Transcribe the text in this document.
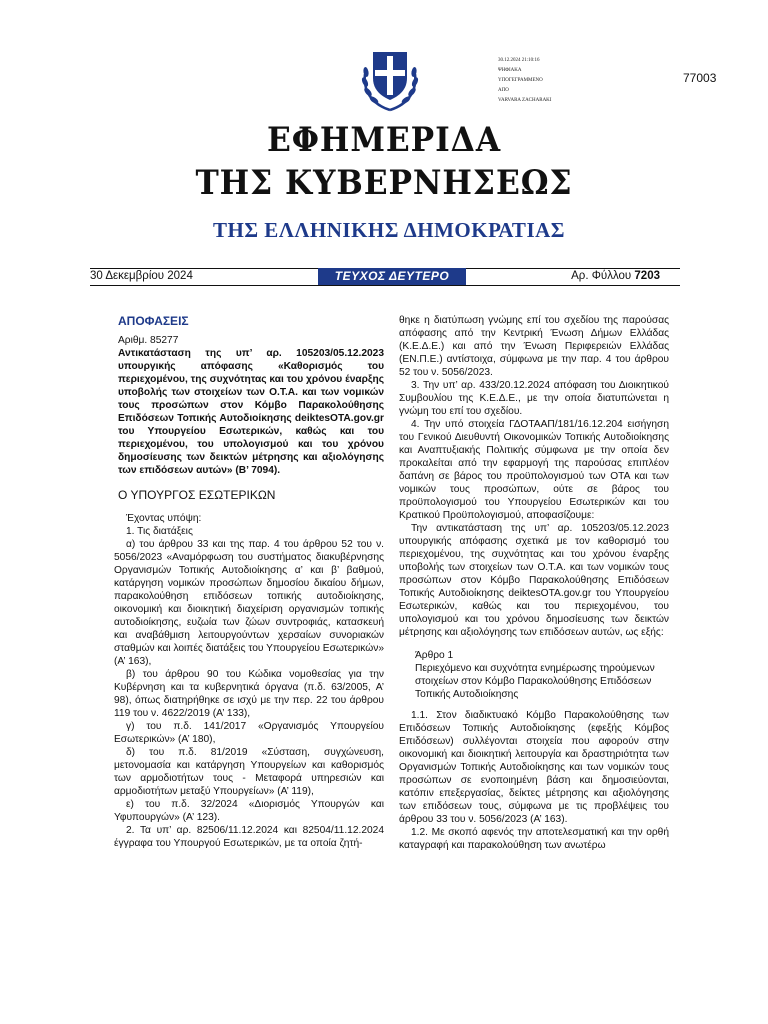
30.12.2024 21:10:16
ΨΗΦΙΑΚΑ
ΥΠΟΓΕΓΡΑΜΜΕΝΟ
ΑΠΟ
VARVARA ZACHARAKI
77003
ΕΦΗΜΕΡΙΔΑ
ΤΗΣ ΚΥΒΕΡΝΗΣΕΩΣ
ΤΗΣ ΕΛΛΗΝΙΚΗΣ ΔΗΜΟΚΡΑΤΙΑΣ
30 Δεκεμβρίου 2024	ΤΕΥΧΟΣ ΔΕΥΤΕΡΟ	Αρ. Φύλλου 7203

ΑΠΟΦΑΣΕΙΣ

Αριθμ. 85277

Αντικατάσταση της υπ’ αρ. 105203/05.12.2023 υπουργικής απόφασης «Καθορισμός του περιεχομένου, της συχνότητας και του χρόνου έναρξης υποβολής των στοιχείων των Ο.Τ.Α. και των νομικών τους προσώπων στον Κόμβο Παρακολούθησης Επιδόσεων Τοπικής Αυτοδιοίκησης deiktesOTA.gov.gr του Υπουργείου Εσωτερικών, καθώς και του περιεχομένου, του υπολογισμού και του χρόνου δημοσίευσης των δεικτών μέτρησης και αξιολόγησης των επιδόσεων αυτών» (Β’ 7094).

Ο ΥΠΟΥΡΓΟΣ ΕΣΩΤΕΡΙΚΩΝ

Έχοντας υπόψη:

1. Τις διατάξεις

α) του άρθρου 33 και της παρ. 4 του άρθρου 52 του ν. 5056/2023 «Αναμόρφωση του συστήματος διακυβέρνησης Οργανισμών Τοπικής Αυτοδιοίκησης α’ και β’ βαθμού, κατάργηση νομικών προσώπων δημοσίου δικαίου δήμων, παρακολούθηση επιδόσεων τοπικής αυτοδιοίκησης, οικονομική και διοικητική διαχείριση οργανισμών τοπικής αυτοδιοίκησης, ευζωία των ζώων συντροφιάς, κατασκευή και αναβάθμιση λειτουργούντων χερσαίων συνοριακών σταθμών και λοιπές διατάξεις του Υπουργείου Εσωτερικών» (Α’ 163),

β) του άρθρου 90 του Κώδικα νομοθεσίας για την Κυβέρνηση και τα κυβερνητικά όργανα (π.δ. 63/2005, Α’ 98), όπως διατηρήθηκε σε ισχύ με την περ. 22 του άρθρου 119 του ν. 4622/2019 (Α’ 133),

γ) του π.δ. 141/2017 «Οργανισμός Υπουργείου Εσωτερικών» (Α’ 180),

δ) του π.δ. 81/2019 «Σύσταση, συγχώνευση, μετονομασία και κατάργηση Υπουργείων και καθορισμός των αρμοδιοτήτων τους - Μεταφορά υπηρεσιών και αρμοδιοτήτων μεταξύ Υπουργείων» (Α’ 119),

ε) του π.δ. 32/2024 «Διορισμός Υπουργών και Υφυπουργών» (Α’ 123).

2. Τα υπ’ αρ. 82506/11.12.2024 και 82504/11.12.2024 έγγραφα του Υπουργού Εσωτερικών, με τα οποία ζητή-

θηκε η διατύπωση γνώμης επί του σχεδίου της παρούσας απόφασης από την Κεντρική Ένωση Δήμων Ελλάδας (Κ.Ε.Δ.Ε.) και από την Ένωση Περιφερειών Ελλάδας (ΕΝ.Π.Ε.) αντίστοιχα, σύμφωνα με την παρ. 4 του άρθρου 52 του ν. 5056/2023.

3. Την υπ’ αρ. 433/20.12.2024 απόφαση του Διοικητικού Συμβουλίου της Κ.Ε.Δ.Ε., με την οποία διατυπώνεται η γνώμη του επί του σχεδίου.

4. Την υπό στοιχεία ΓΔΟΤΑΑΠ/181/16.12.204 εισήγηση του Γενικού Διευθυντή Οικονομικών Τοπικής Αυτοδιοίκησης και Αναπτυξιακής Πολιτικής σύμφωνα με την οποία δεν προκαλείται από την εφαρμογή της παρούσας επιπλέον δαπάνη σε βάρος του προϋπολογισμού των ΟΤΑ και των νομικών τους προσώπων, ούτε σε βάρος του προϋπολογισμού του Υπουργείου Εσωτερικών και του Κρατικού Προϋπολογισμού, αποφασίζουμε:

Την αντικατάσταση της υπ’ αρ. 105203/05.12.2023 υπουργικής απόφασης σχετικά με τον καθορισμό του περιεχομένου, της συχνότητας και του χρόνου έναρξης υποβολής των στοιχείων των Ο.Τ.Α. και των νομικών τους προσώπων στον Κόμβο Παρακολούθησης Επιδόσεων Τοπικής Αυτοδιοίκησης deiktesOTA.gov.gr του Υπουργείου Εσωτερικών, καθώς και του περιεχομένου, του υπολογισμού και του χρόνου δημοσίευσης των δεικτών μέτρησης και αξιολόγησης των επιδόσεων αυτών, ως εξής:

Άρθρο 1

Περιεχόμενο και συχνότητα ενημέρωσης τηρούμενων στοιχείων στον Κόμβο Παρακολούθησης Επιδόσεων Τοπικής Αυτοδιοίκησης

1.1. Στον διαδικτυακό Κόμβο Παρακολούθησης των Επιδόσεων Τοπικής Αυτοδιοίκησης (εφεξής Κόμβος Επιδόσεων) συλλέγονται στοιχεία που αφορούν στην οικονομική και διοικητική λειτουργία και δραστηριότητα των Οργανισμών Τοπικής Αυτοδιοίκησης και των νομικών τους προσώπων σε ενοποιημένη βάση και δημοσιεύονται, κατόπιν επεξεργασίας, δείκτες μέτρησης και αξιολόγησης των επιδόσεων τους, σύμφωνα με τις προβλέψεις του άρθρου 33 του ν. 5056/2023 (Α’ 163).

1.2. Με σκοπό αφενός την αποτελεσματική και την ορθή καταγραφή και παρακολούθηση των ανωτέρω
